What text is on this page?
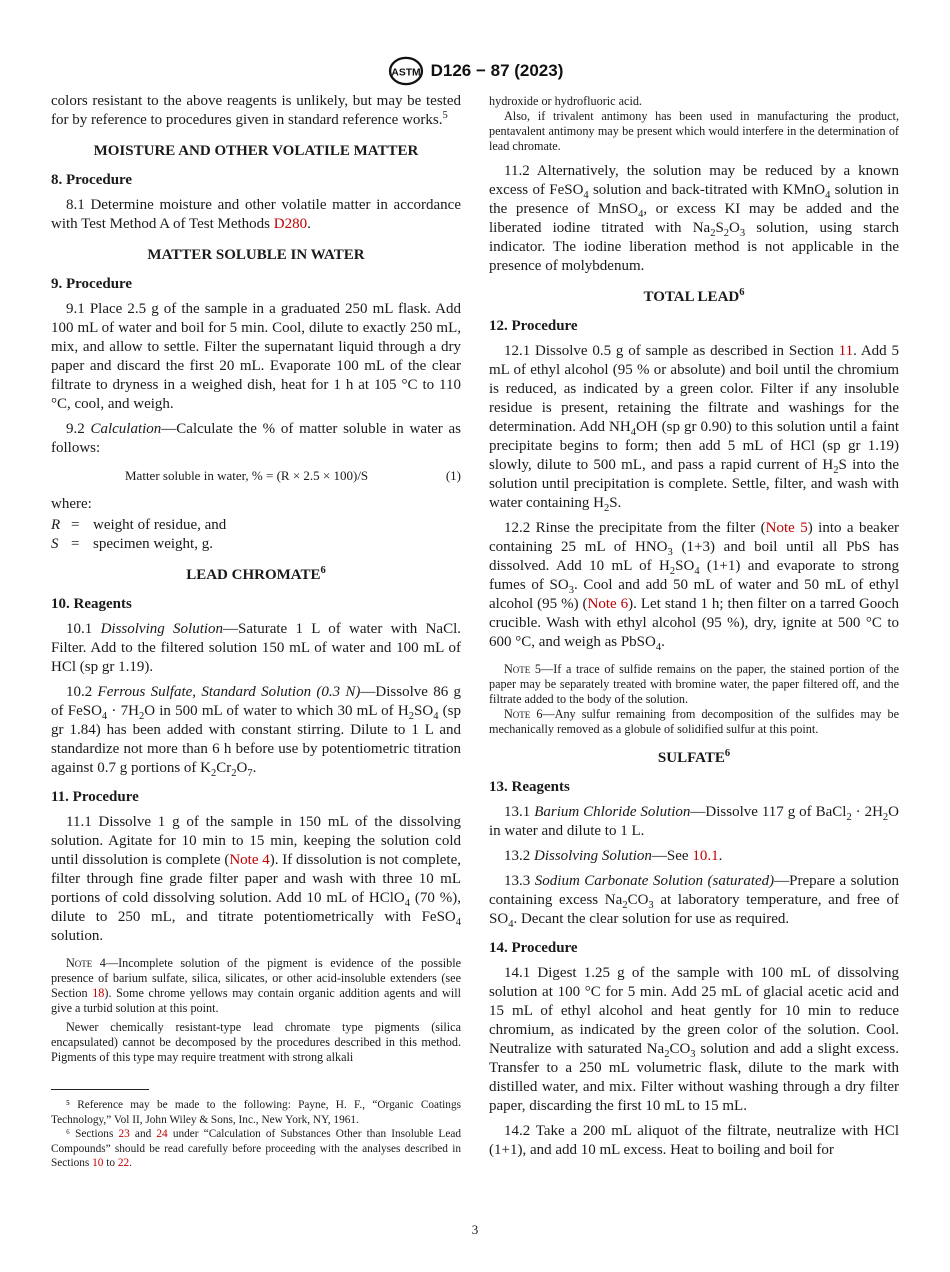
ASTM D126 − 87 (2023)

colors resistant to the above reagents is unlikely, but may be tested for by reference to procedures given in standard reference works.$^5$

MOISTURE AND OTHER VOLATILE MATTER
8. Procedure

8.1 Determine moisture and other volatile matter in accordance with Test Method A of Test Methods D280.

MATTER SOLUBLE IN WATER
9. Procedure

9.1 Place 2.5 g of the sample in a graduated 250 mL flask. Add 100 mL of water and boil for 5 min. Cool, dilute to exactly 250 mL, mix, and allow to settle. Filter the supernatant liquid through a dry paper and discard the first 20 mL. Evaporate 100 mL of the clear filtrate to dryness in a weighed dish, heat for 1 h at 105 °C to 110 °C, cool, and weigh.

9.2 Calculation—Calculate the % of matter soluble in water as follows:

Matter soluble in water, % = (R × 2.5 × 100)/S	(1)

where:

R = weight of residue, and
S = specimen weight, g.
LEAD CHROMATE$^6$
10. Reagents

10.1 Dissolving Solution—Saturate 1 L of water with NaCl. Filter. Add to the filtered solution 150 mL of water and 100 mL of HCl (sp gr 1.19).

10.2 Ferrous Sulfate, Standard Solution (0.3 N)—Dissolve 86 g of FeSO$_4$ · $7H_2O$ in 500 mL of water to which 30 mL of $H_2SO_4$ (sp gr 1.84) has been added with constant stirring. Dilute to 1 L and standardize not more than 6 h before use by potentiometric titration against 0.7 g portions of $K_2Cr_2O_7$.

11. Procedure

11.1 Dissolve 1 g of the sample in 150 mL of the dissolving solution. Agitate for 10 min to 15 min, keeping the solution cold until dissolution is complete (Note 4). If dissolution is not complete, filter through fine grade filter paper and wash with three 10 mL portions of cold dissolving solution. Add 10 mL of HClO$_4$ (70 %), dilute to 250 mL, and titrate potentiometrically with FeSO$_4$ solution.

Note 4—Incomplete solution of the pigment is evidence of the possible presence of barium sulfate, silica, silicates, or other acid-insoluble extenders (see Section 18). Some chrome yellows may contain organic addition agents and will give a turbid solution at this point.

Newer chemically resistant-type lead chromate type pigments (silica encapsulated) cannot be decomposed by the procedures described in this method. Pigments of this type may require treatment with strong alkali

⁵ Reference may be made to the following: Payne, H. F., “Organic Coatings Technology,” Vol II, John Wiley & Sons, Inc., New York, NY, 1961.

⁶ Sections 23 and 24 under “Calculation of Substances Other than Insoluble Lead Compounds” should be read carefully before proceeding with the analyses described in Sections 10 to 22.

hydroxide or hydrofluoric acid.

Also, if trivalent antimony has been used in manufacturing the product, pentavalent antimony may be present which would interfere in the determination of lead chromate.

11.2 Alternatively, the solution may be reduced by a known excess of FeSO$_4$ solution and back-titrated with KMnO$_4$ solution in the presence of MnSO$_4$, or excess KI may be added and the liberated iodine titrated with $Na_2S_2O_3$ solution, using starch indicator. The iodine liberation method is not applicable in the presence of molybdenum.

TOTAL LEAD$^6$
12. Procedure

12.1 Dissolve 0.5 g of sample as described in Section 11. Add 5 mL of ethyl alcohol (95 % or absolute) and boil until the chromium is reduced, as indicated by a green color. Filter if any insoluble residue is present, retaining the filtrate and washings for the determination. Add $NH_4OH$ (sp gr 0.90) to this solution until a faint precipitate begins to form; then add 5 mL of HCl (sp gr 1.19) slowly, dilute to 500 mL, and pass a rapid current of $H_2S$ into the solution until precipitation is complete. Settle, filter, and wash with water containing $H_2S$.

12.2 Rinse the precipitate from the filter (Note 5) into a beaker containing 25 mL of $HNO_3$ (1+3) and boil until all PbS has dissolved. Add 10 mL of $H_2SO_4$ (1+1) and evaporate to strong fumes of $SO_3$. Cool and add 50 mL of water and 50 mL of ethyl alcohol (95 %) (Note 6). Let stand 1 h; then filter on a tarred Gooch crucible. Wash with ethyl alcohol (95 %), dry, ignite at 500 °C to 600 °C, and weigh as PbSO$_4$.

Note 5—If a trace of sulfide remains on the paper, the stained portion of the paper may be separately treated with bromine water, the paper filtered off, and the filtrate added to the body of the solution.

Note 6—Any sulfur remaining from decomposition of the sulfides may be mechanically removed as a globule of solidified sulfur at this point.

SULFATE$^6$
13. Reagents

13.1 Barium Chloride Solution—Dissolve 117 g of BaCl$_2$ · $2H_2O$ in water and dilute to 1 L.

13.2 Dissolving Solution—See 10.1.

13.3 Sodium Carbonate Solution (saturated)—Prepare a solution containing excess $Na_2CO_3$ at laboratory temperature, and free of $SO_4$. Decant the clear solution for use as required.

14. Procedure

14.1 Digest 1.25 g of the sample with 100 mL of dissolving solution at 100 °C for 5 min. Add 25 mL of glacial acetic acid and 15 mL of ethyl alcohol and heat gently for 10 min to reduce chromium, as indicated by the green color of the solution. Cool. Neutralize with saturated $Na_2CO_3$ solution and add a slight excess. Transfer to a 250 mL volumetric flask, dilute to the mark with distilled water, and mix. Filter without washing through a dry filter paper, discarding the first 10 mL to 15 mL.

14.2 Take a 200 mL aliquot of the filtrate, neutralize with HCl (1+1), and add 10 mL excess. Heat to boiling and boil for

3
